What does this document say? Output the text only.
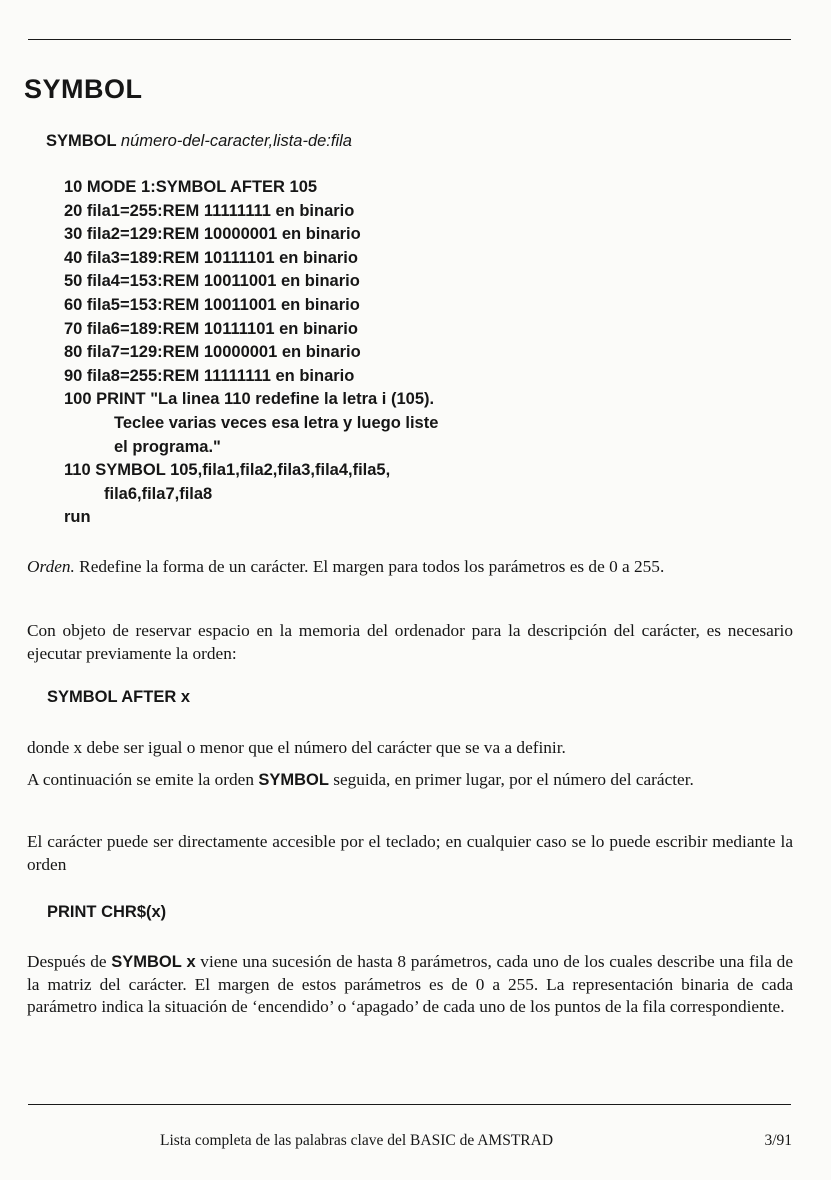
SYMBOL
SYMBOL número-del-caracter,lista-de:fila
10 MODE 1:SYMBOL AFTER 105
20 fila1=255:REM 11111111 en binario
30 fila2=129:REM 10000001 en binario
40 fila3=189:REM 10111101 en binario
50 fila4=153:REM 10011001 en binario
60 fila5=153:REM 10011001 en binario
70 fila6=189:REM 10111101 en binario
80 fila7=129:REM 10000001 en binario
90 fila8=255:REM 11111111 en binario
100 PRINT "La linea 110 redefine la letra i (105).
Teclee varias veces esa letra y luego liste
el programa."
110 SYMBOL 105,fila1,fila2,fila3,fila4,fila5,
fila6,fila7,fila8
run

Orden. Redefine la forma de un carácter. El margen para todos los parámetros es de 0 a 255.

Con objeto de reservar espacio en la memoria del ordenador para la descripción del carácter, es necesario ejecutar previamente la orden:

SYMBOL AFTER x

donde x debe ser igual o menor que el número del carácter que se va a definir.

A continuación se emite la orden SYMBOL seguida, en primer lugar, por el número del carácter.

El carácter puede ser directamente accesible por el teclado; en cualquier caso se lo puede escribir mediante la orden

PRINT CHR$(x)

Después de SYMBOL x viene una sucesión de hasta 8 parámetros, cada uno de los cuales describe una fila de la matriz del carácter. El margen de estos parámetros es de 0 a 255. La representación binaria de cada parámetro indica la situación de ‘encendido’ o ‘apagado’ de cada uno de los puntos de la fila correspondiente.

Lista completa de las palabras clave del BASIC de AMSTRAD	3/91
